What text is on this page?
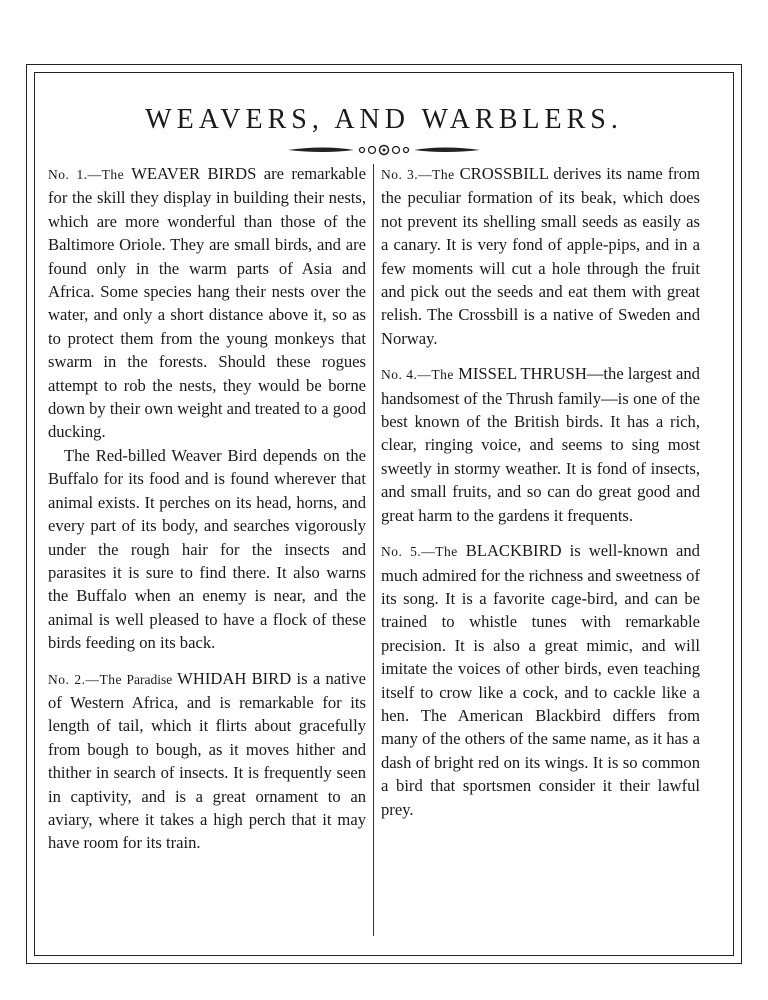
WEAVERS, AND WARBLERS.

No. 1.—The WEAVER BIRDS are remarkable for the skill they display in building their nests, which are more wonderful than those of the Baltimore Oriole. They are small birds, and are found only in the warm parts of Asia and Africa. Some species hang their nests over the water, and only a short distance above it, so as to protect them from the young monkeys that swarm in the forests. Should these rogues attempt to rob the nests, they would be borne down by their own weight and treated to a good ducking.

The Red-billed Weaver Bird depends on the Buffalo for its food and is found wherever that animal exists. It perches on its head, horns, and every part of its body, and searches vigorously under the rough hair for the insects and parasites it is sure to find there. It also warns the Buffalo when an enemy is near, and the animal is well pleased to have a flock of these birds feeding on its back.

No. 2.—The Paradise WHIDAH BIRD is a native of Western Africa, and is remarkable for its length of tail, which it flirts about gracefully from bough to bough, as it moves hither and thither in search of insects. It is frequently seen in captivity, and is a great ornament to an aviary, where it takes a high perch that it may have room for its train.

No. 3.—The CROSSBILL derives its name from the peculiar formation of its beak, which does not prevent its shelling small seeds as easily as a canary. It is very fond of apple-pips, and in a few moments will cut a hole through the fruit and pick out the seeds and eat them with great relish. The Crossbill is a native of Sweden and Norway.

No. 4.—The MISSEL THRUSH—the largest and handsomest of the Thrush family—is one of the best known of the British birds. It has a rich, clear, ringing voice, and seems to sing most sweetly in stormy weather. It is fond of insects, and small fruits, and so can do great good and great harm to the gardens it frequents.

No. 5.—The BLACKBIRD is well-known and much admired for the richness and sweetness of its song. It is a favorite cage-bird, and can be trained to whistle tunes with remarkable precision. It is also a great mimic, and will imitate the voices of other birds, even teaching itself to crow like a cock, and to cackle like a hen. The American Blackbird differs from many of the others of the same name, as it has a dash of bright red on its wings. It is so common a bird that sportsmen consider it their lawful prey.
